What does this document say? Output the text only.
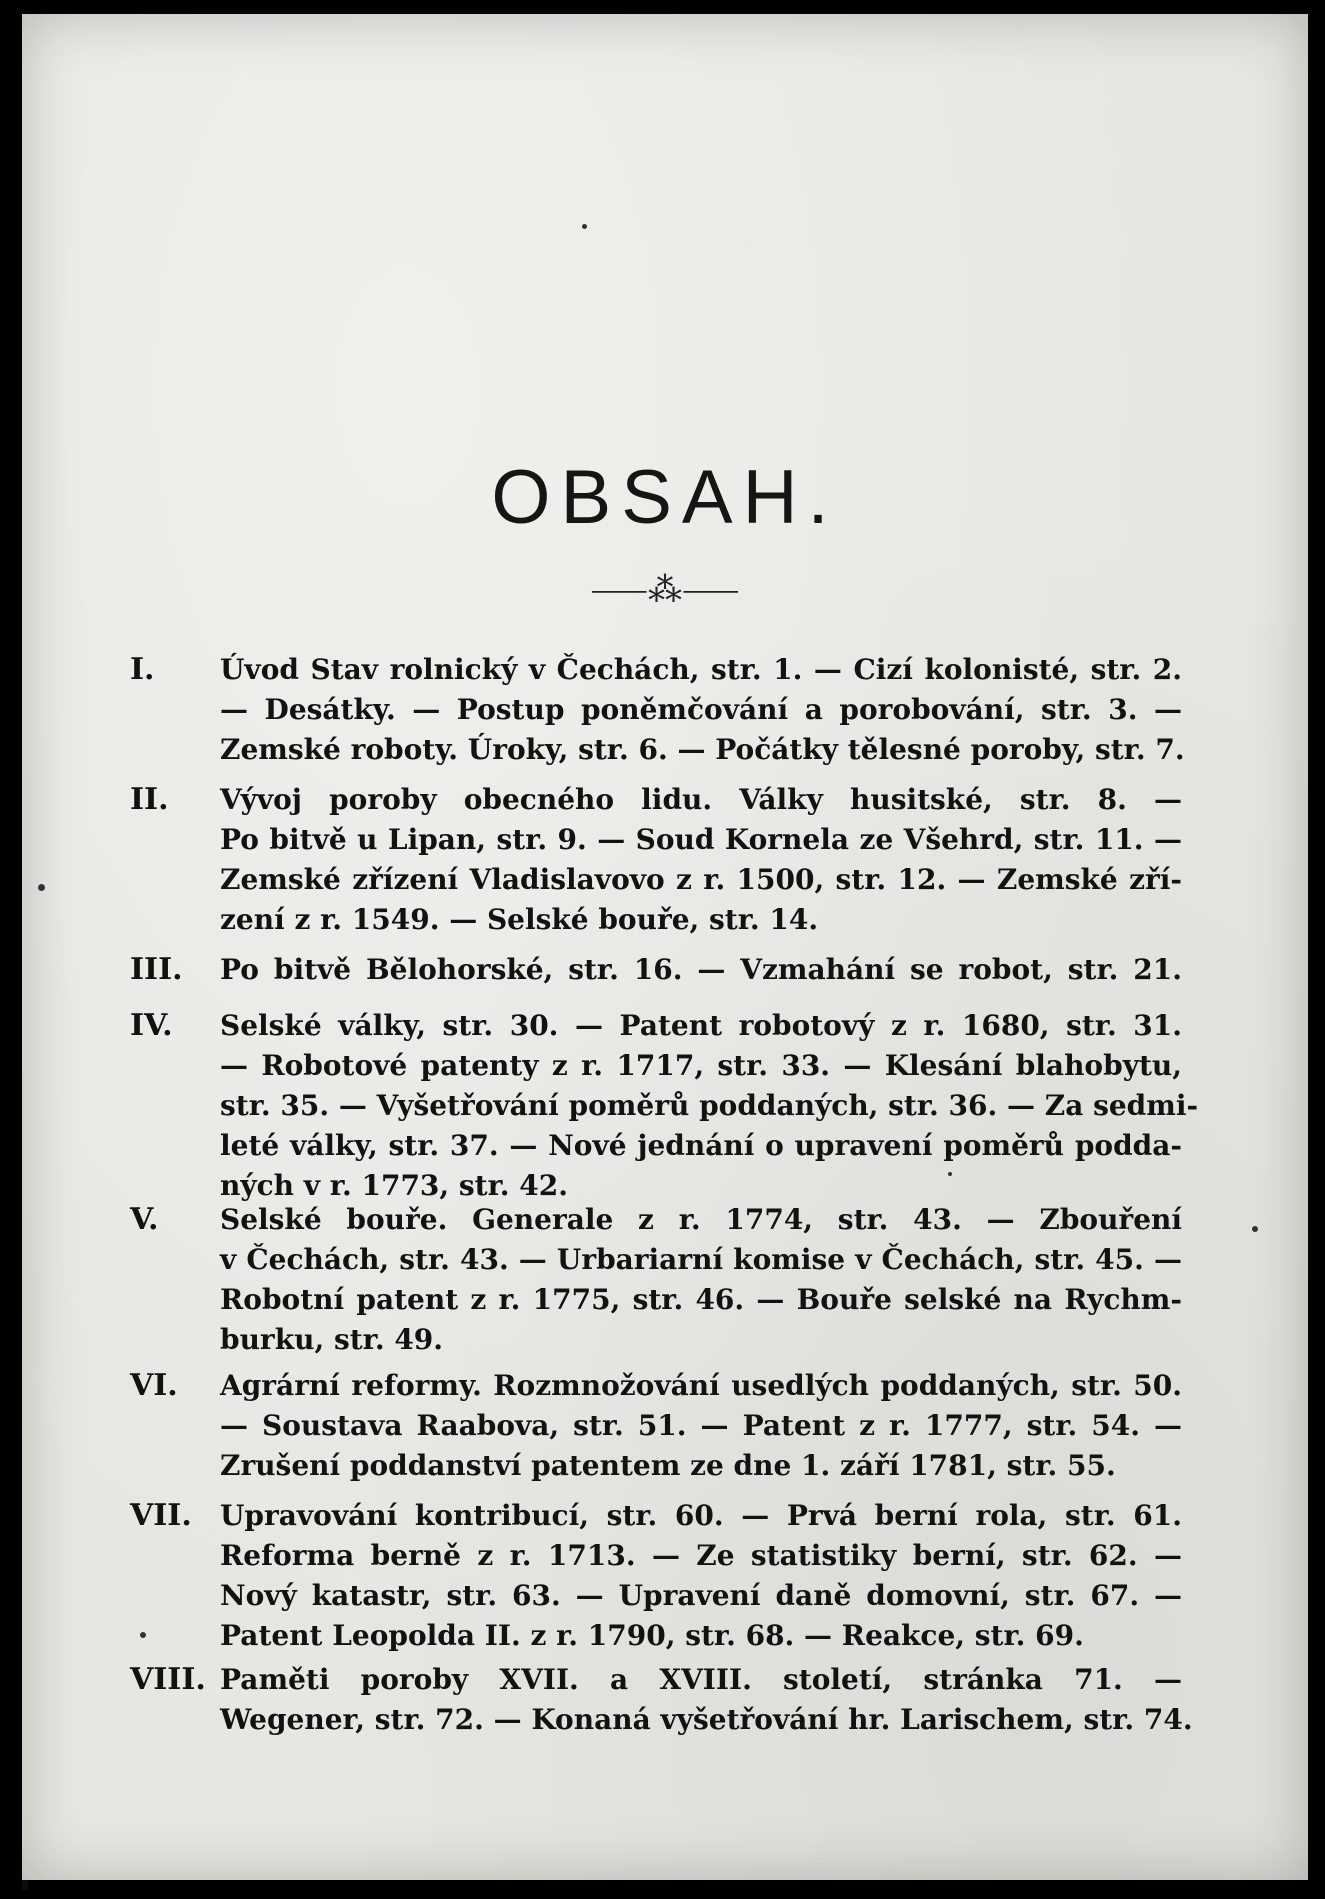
OBSAH.
⸺⁂⸺
I.	Úvod Stav rolnický v Čechách, str. 1. — Cizí kolonisté, str. 2.
— Desátky. — Postup poněmčování a porobování, str. 3. —
Zemské roboty. Úroky, str. 6. — Počátky tělesné poroby, str. 7.
II.	Vývoj poroby obecného lidu. Války husitské, str. 8. —
Po bitvě u Lipan, str. 9. — Soud Kornela ze Všehrd, str. 11. —
Zemské zřízení Vladislavovo z r. 1500, str. 12. — Zemské zří-
zení z r. 1549. — Selské bouře, str. 14.
III.	Po bitvě Bělohorské, str. 16. — Vzmahání se robot, str. 21.
IV.	Selské války, str. 30. — Patent robotový z r. 1680, str. 31.
— Robotové patenty z r. 1717, str. 33. — Klesání blahobytu,
str. 35. — Vyšetřování poměrů poddaných, str. 36. — Za sedmi-
leté války, str. 37. — Nové jednání o upravení poměrů podda-
ných v r. 1773, str. 42.
V.	Selské bouře. Generale z r. 1774, str. 43. — Zbouření
v Čechách, str. 43. — Urbariarní komise v Čechách, str. 45. —
Robotní patent z r. 1775, str. 46. — Bouře selské na Rychm-
burku, str. 49.
VI.	Agrární reformy. Rozmnožování usedlých poddaných, str. 50.
— Soustava Raabova, str. 51. — Patent z r. 1777, str. 54. —
Zrušení poddanství patentem ze dne 1. září 1781, str. 55.
VII.	Upravování kontribucí, str. 60. — Prvá berní rola, str. 61.
Reforma berně z r. 1713. — Ze statistiky berní, str. 62. —
Nový katastr, str. 63. — Upravení daně domovní, str. 67. —
Patent Leopolda II. z r. 1790, str. 68. — Reakce, str. 69.
VIII. Paměti poroby XVII. a XVIII. století, stránka 71. —
Wegener, str. 72. — Konaná vyšetřování hr. Larischem, str. 74.
